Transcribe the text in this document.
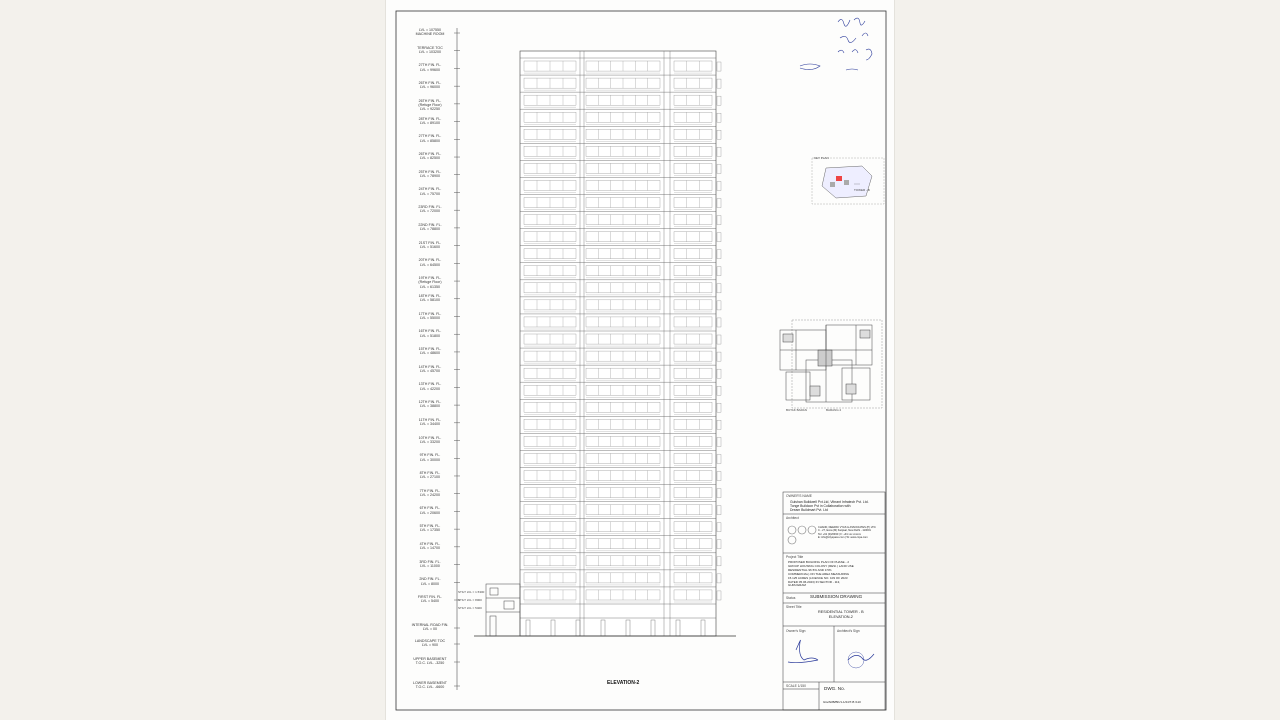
LVL = 107550
MACHINE ROOM
TERRACE TOC
LVL = 103200
27TH FIN. FL.
LVL = 99600
26TH FIN. FL.
LVL = 96000
26TH FIN. FL.
(Refuge Floor)
LVL = 92250
28TH FIN. FL.
LVL = 89100
27TH FIN. FL.
LVL = 85800
26TH FIN. FL.
LVL = 82500
25TH FIN. FL.
LVL = 78900
24TH FIN. FL.
LVL = 75700
23RD FIN. FL.
LVL = 72000
22ND FIN. FL.
LVL = 78800
21ST FIN. FL.
LVL = 51600
20TH FIN. FL.
LVL = 64500
19TH FIN. FL.
(Refuge Floor)
LVL = 61350
18TH FIN. FL.
LVL = 58100
17TH FIN. FL.
LVL = 55000
16TH FIN. FL.
LVL = 51800
15TH FIN. FL.
LVL = 48600
14TH FIN. FL.
LVL = 45700
13TH FIN. FL.
LVL = 42200
12TH FIN. FL.
LVL = 38800
11TH FIN. FL.
LVL = 34400
10TH FIN. FL.
LVL = 33200
9TH FIN. FL.
LVL = 30000
8TH FIN. FL.
LVL = 27100
7TH FIN. FL.
LVL = 24200
6TH FIN. FL.
LVL = 20600
5TH FIN. FL.
LVL = 17350
4TH FIN. FL.
LVL = 14700
3RD FIN. FL.
LVL = 11000
2ND FIN. FL.
LVL = 8000
FIRST FIN. FL.
LVL = 5400
INTERNAL ROAD FIN.
LVL = 00
LANDSCAPE TOC
LVL = 900
UPPER BASEMENT
T.O.C. LVL. -3250
LOWER BASEMENT
T.O.C. LVL. -6600
ELEVATION-2
KEY PLAN
TOWER - B
BUTAK BARAN	BARANG 2
STILT LVL = 1.5300
STILT LVL = 8000
STILT LVL = 5400
OWNER'S NAME
Gulshan Buildwell Pvt.Ltd, Vibrant Infratech Pvt. Ltd.
Tonge Buildcon Pvt in Collaboration with
Dream Buildmart Pvt. Ltd
Architect
CHAND, DEEPAK VYAS & ASSOCIATES (P) LTD.
C - 27, Ecoa (M) Kanjwal, New Delhi - 110001
Tel: +91 (0)20930 | F: +91 xxx xxxxxx
E: info@cityspace.com | W: www.ccpa.com
Project Title
PROPOSED BUILDING PLAN OF PHASE - 2
GROUP HOUSING COLONY (RESI.) LAND USE
RESIDENTIAL 96.5% AND 3.5%
COMMERCIAL) ON THE AREA MEASURING
15.125 ACRES (LICENCE NO. 109 OF 2023
DATED 05.06.2023) IN SECTOR - 113,
GURUGRAM
Status	SUBMISSION DRAWING
Sheet Title
RESIDENTIAL TOWER - B
ELEVATION-2
Owner's Sign	Architect's Sign
SCALE 1/150	DWG. No.
GG/ARB/BK/1-1/24/T-B /110
